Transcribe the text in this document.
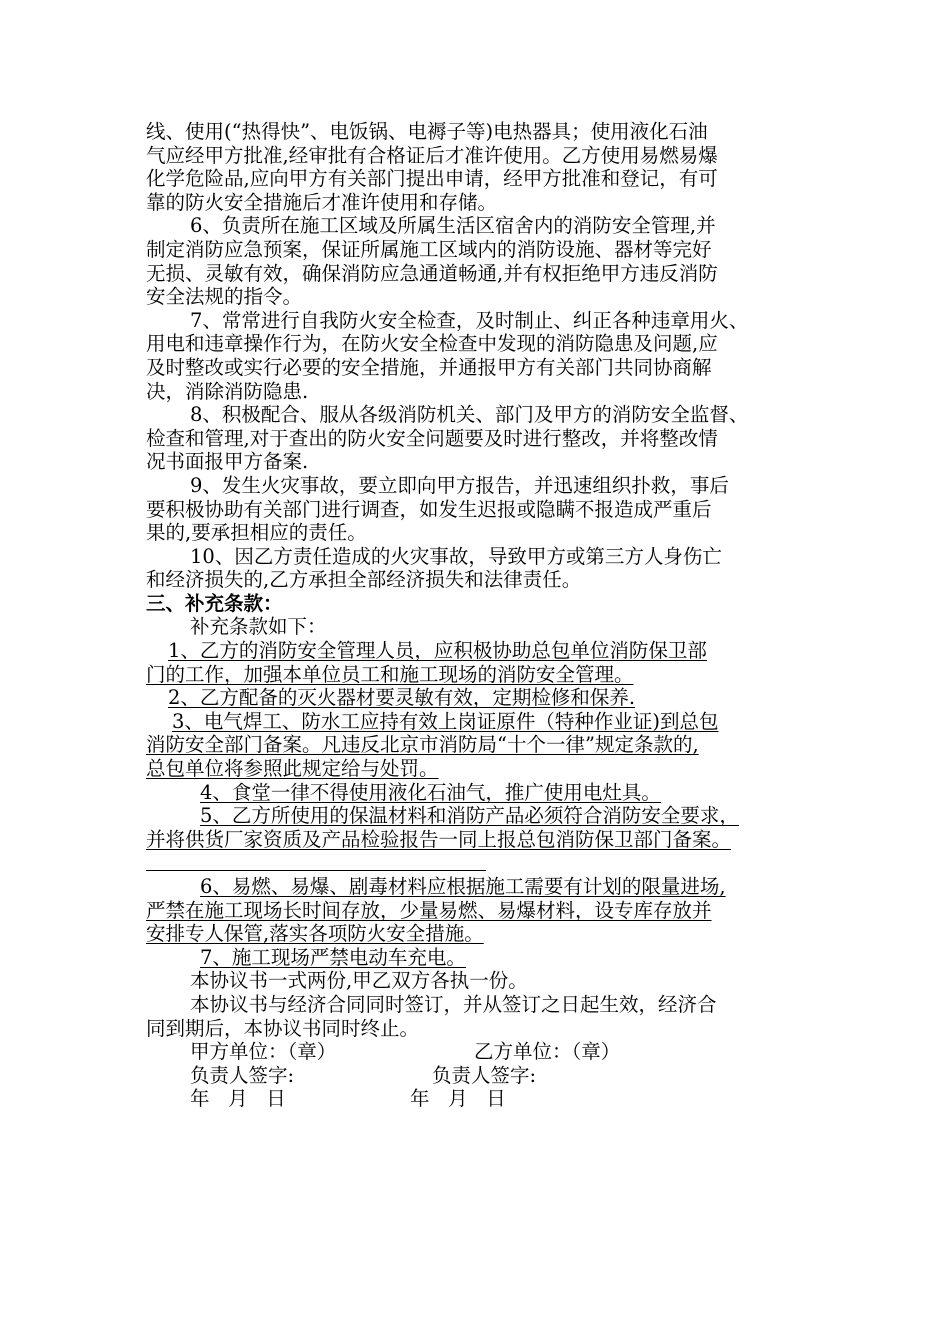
线、使用(“热得快”、电饭锅、电褥子等)电热器具；使用液化石油
气应经甲方批准,经审批有合格证后才准许使用。乙方使用易燃易爆
化学危险品,应向甲方有关部门提出申请，经甲方批准和登记，有可
靠的防火安全措施后才准许使用和存储。
6、负责所在施工区域及所属生活区宿舍内的消防安全管理,并
制定消防应急预案，保证所属施工区域内的消防设施、器材等完好
无损、灵敏有效，确保消防应急通道畅通,并有权拒绝甲方违反消防
安全法规的指令。
7、常常进行自我防火安全检查，及时制止、纠正各种违章用火、
用电和违章操作行为，在防火安全检查中发现的消防隐患及问题,应
及时整改或实行必要的安全措施，并通报甲方有关部门共同协商解
决，消除消防隐患.
8、积极配合、服从各级消防机关、部门及甲方的消防安全监督、
检查和管理,对于查出的防火安全问题要及时进行整改，并将整改情
况书面报甲方备案.
9、发生火灾事故，要立即向甲方报告，并迅速组织扑救，事后
要积极协助有关部门进行调查，如发生迟报或隐瞒不报造成严重后
果的,要承担相应的责任。
10、因乙方责任造成的火灾事故，导致甲方或第三方人身伤亡
和经济损失的,乙方承担全部经济损失和法律责任。
三、补充条款：
补充条款如下：
1、乙方的消防安全管理人员，应积极协助总包单位消防保卫部
门的工作，加强本单位员工和施工现场的消防安全管理。
2、乙方配备的灭火器材要灵敏有效，定期检修和保养.
3、电气焊工、防水工应持有效上岗证原件（特种作业证)到总包
消防安全部门备案。凡违反北京市消防局“十个一律”规定条款的,
总包单位将参照此规定给与处罚。
4、食堂一律不得使用液化石油气，推广使用电灶具。
5、乙方所使用的保温材料和消防产品必须符合消防安全要求，
并将供货厂家资质及产品检验报告一同上报总包消防保卫部门备案。
6、易燃、易爆、剧毒材料应根据施工需要有计划的限量进场,
严禁在施工现场长时间存放，少量易燃、易爆材料，设专库存放并
安排专人保管,落实各项防火安全措施。
7、施工现场严禁电动车充电。
本协议书一式两份,甲乙双方各执一份。
本协议书与经济合同同时签订，并从签订之日起生效，经济合
同到期后，本协议书同时终止。
甲方单位：（章）	乙方单位：（章）
负责人签字:	负责人签字:
年   月   日	年   月   日
